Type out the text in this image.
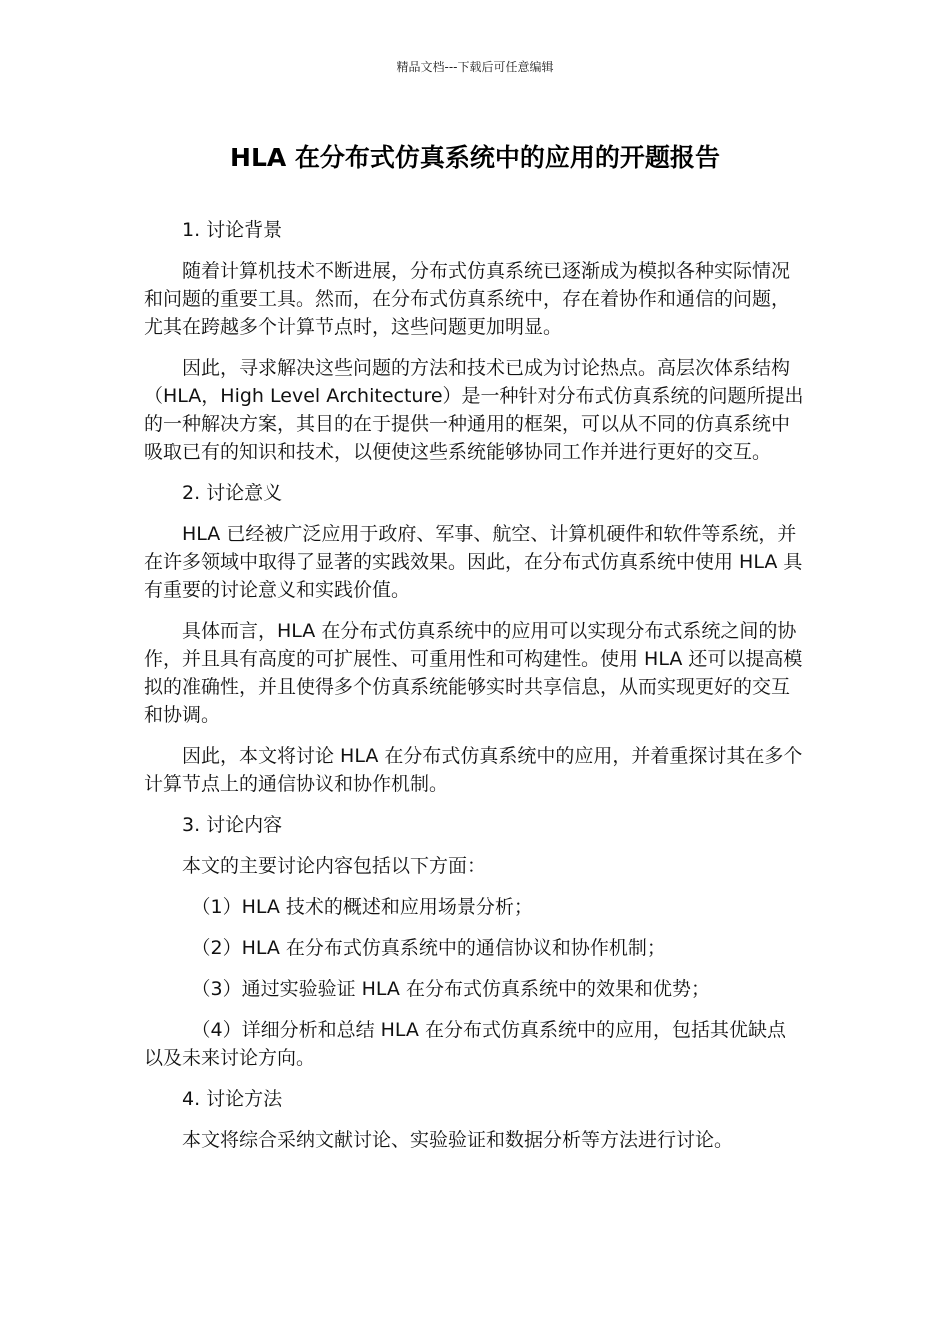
精品文档---下载后可任意编辑
HLA 在分布式仿真系统中的应用的开题报告

1. 讨论背景

随着计算机技术不断进展，分布式仿真系统已逐渐成为模拟各种实际情况和问题的重要工具。然而，在分布式仿真系统中，存在着协作和通信的问题，尤其在跨越多个计算节点时，这些问题更加明显。

因此，寻求解决这些问题的方法和技术已成为讨论热点。高层次体系结构（HLA，High Level Architecture）是一种针对分布式仿真系统的问题所提出的一种解决方案，其目的在于提供一种通用的框架，可以从不同的仿真系统中吸取已有的知识和技术，以便使这些系统能够协同工作并进行更好的交互。

2. 讨论意义

HLA 已经被广泛应用于政府、军事、航空、计算机硬件和软件等系统，并在许多领域中取得了显著的实践效果。因此，在分布式仿真系统中使用 HLA 具有重要的讨论意义和实践价值。

具体而言，HLA 在分布式仿真系统中的应用可以实现分布式系统之间的协作，并且具有高度的可扩展性、可重用性和可构建性。使用 HLA 还可以提高模拟的准确性，并且使得多个仿真系统能够实时共享信息，从而实现更好的交互和协调。

因此，本文将讨论 HLA 在分布式仿真系统中的应用，并着重探讨其在多个计算节点上的通信协议和协作机制。

3. 讨论内容

本文的主要讨论内容包括以下方面：

（1）HLA 技术的概述和应用场景分析；

（2）HLA 在分布式仿真系统中的通信协议和协作机制；

（3）通过实验验证 HLA 在分布式仿真系统中的效果和优势；

（4）详细分析和总结 HLA 在分布式仿真系统中的应用，包括其优缺点以及未来讨论方向。

4. 讨论方法

本文将综合采纳文献讨论、实验验证和数据分析等方法进行讨论。
